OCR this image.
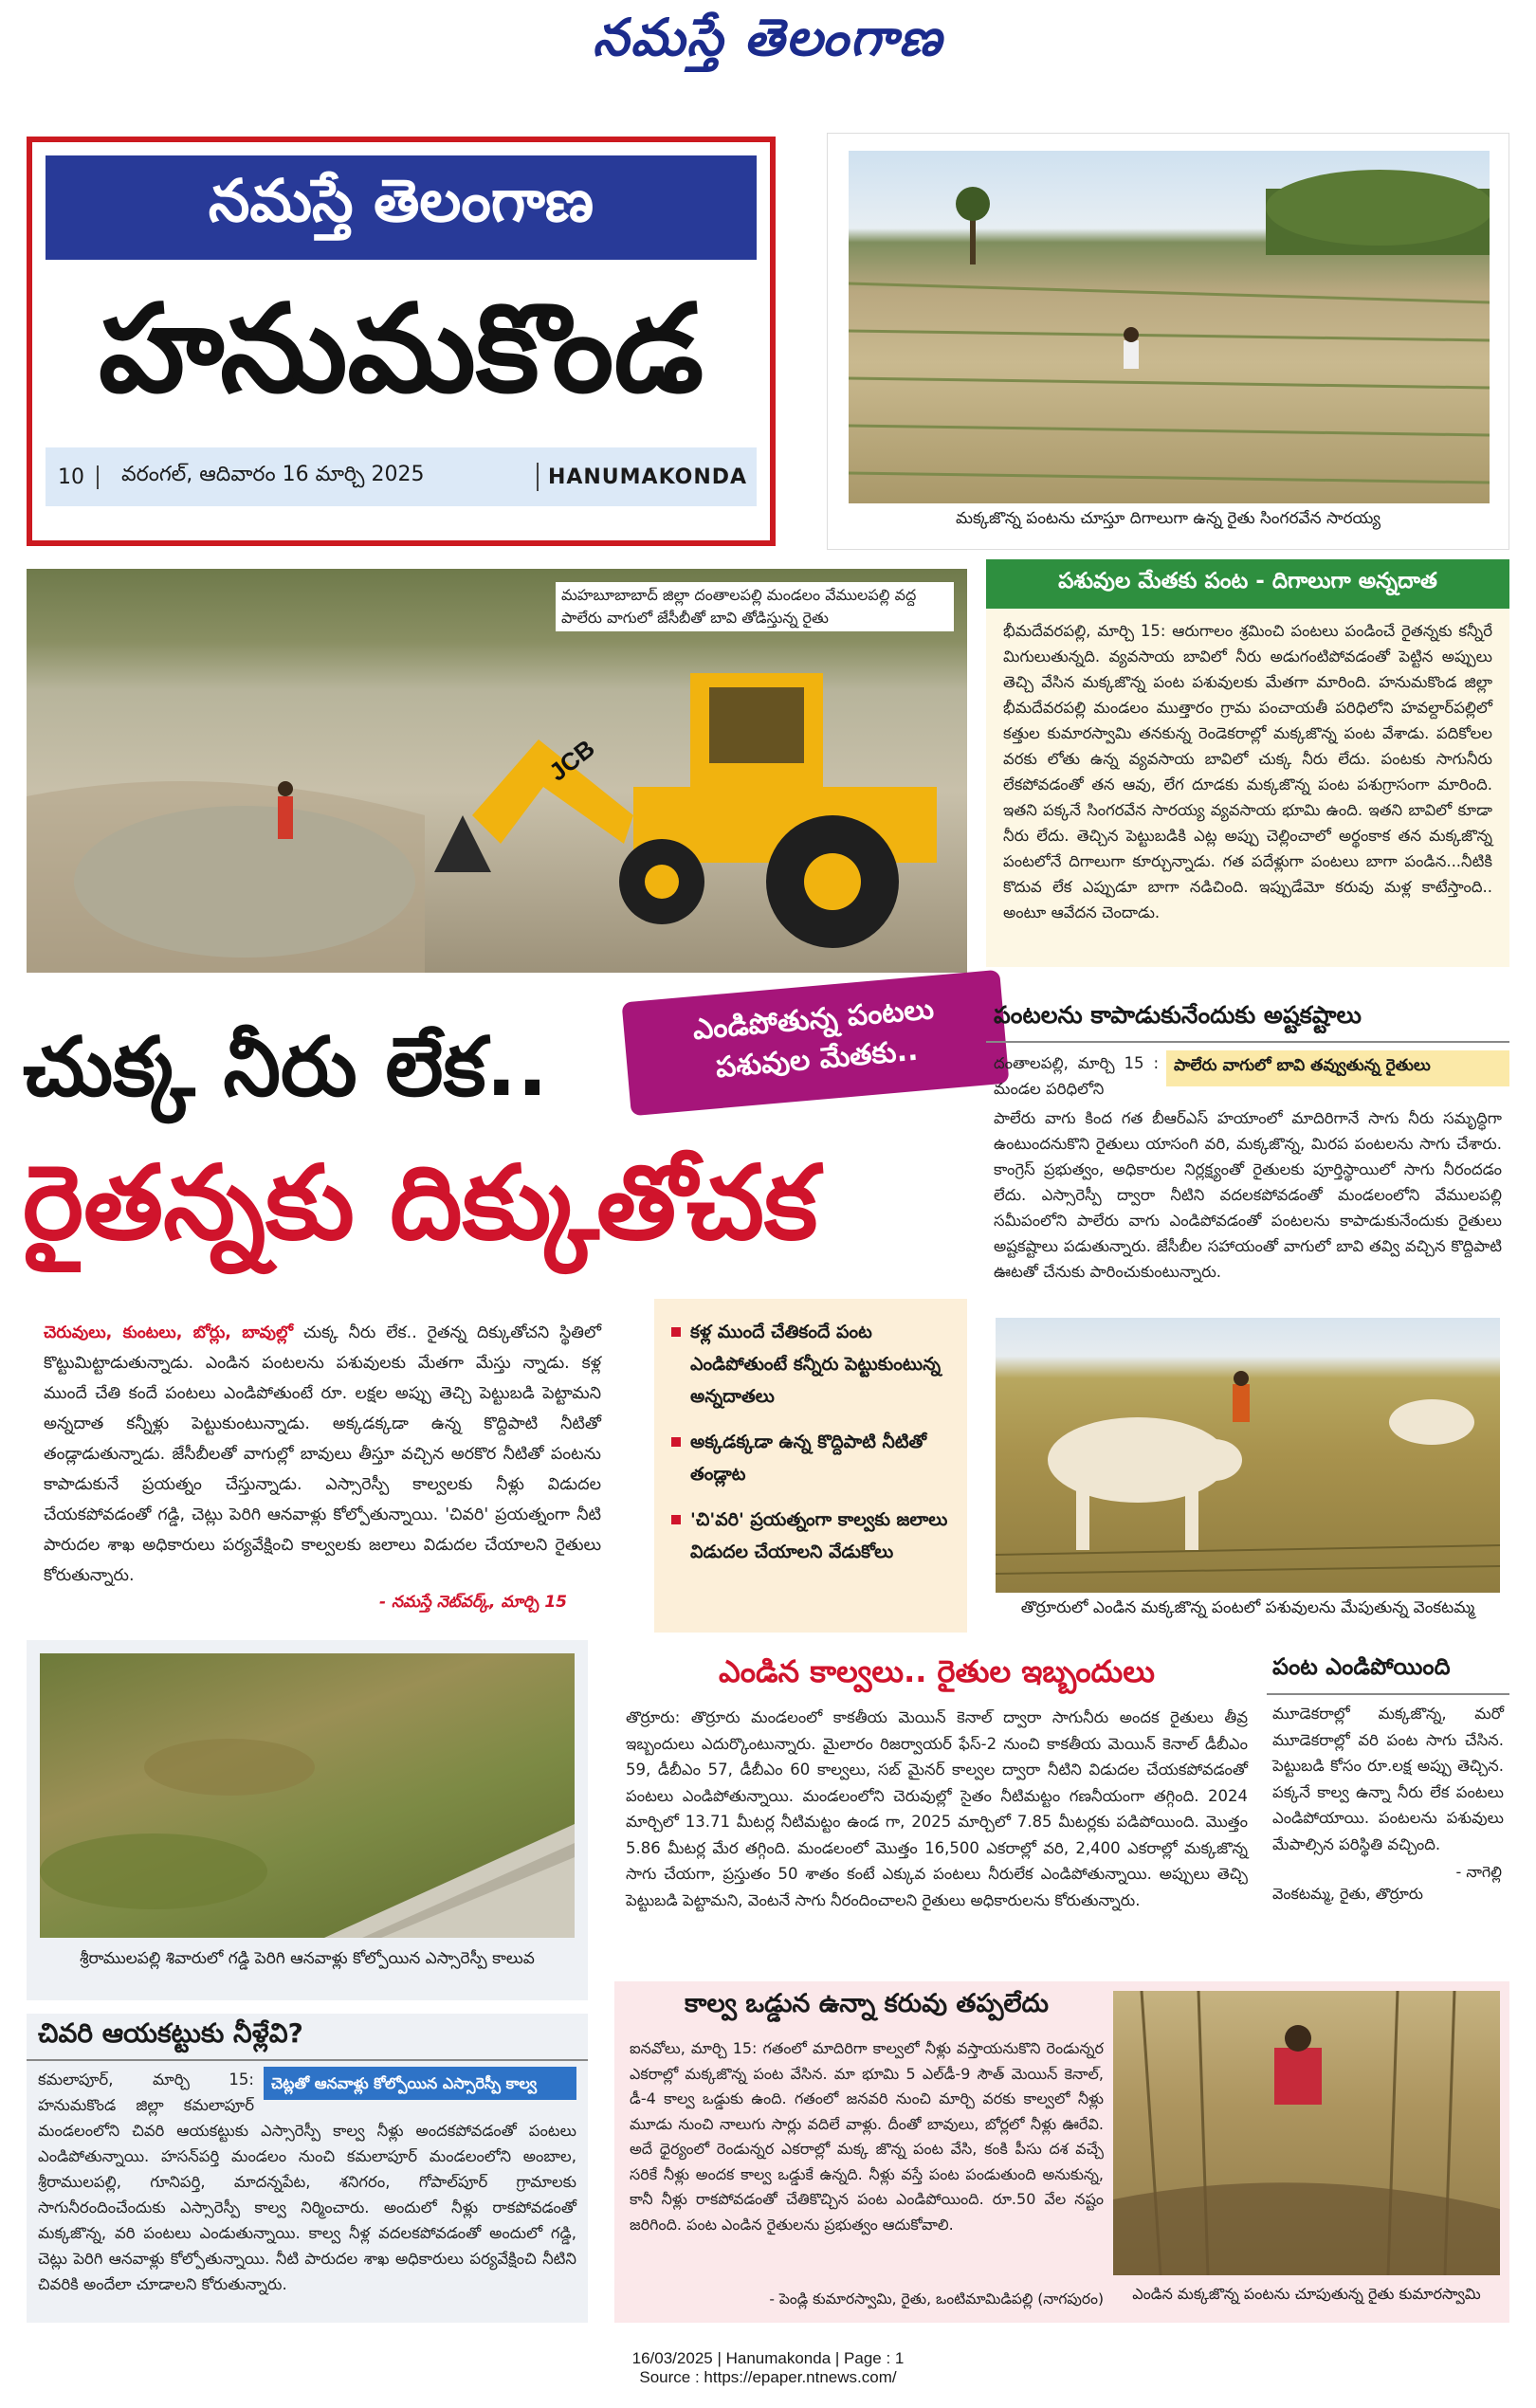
నమస్తే తెలంగాణ
నమస్తే తెలంగాణ
హనుమకొండ
10	వరంగల్, ఆదివారం 16 మార్చి 2025	HANUMAKONDA
మక్కజొన్న పంటను చూస్తూ దిగాలుగా ఉన్న రైతు సింగరవేన సారయ్య
JCB
మహబూబాబాద్ జిల్లా దంతాలపల్లి మండలం వేములపల్లి వద్ద పాలేరు వాగులో జేసీబీతో బావి తోడిస్తున్న రైతు
పశువుల మేతకు పంట - దిగాలుగా అన్నదాత
భీమదేవరపల్లి, మార్చి 15: ఆరుగాలం శ్రమించి పంటలు పండించే రైతన్నకు కన్నీరే మిగులుతున్నది. వ్యవసాయ బావిలో నీరు అడుగంటిపోవడంతో పెట్టిన అప్పులు తెచ్చి వేసిన మక్కజొన్న పంట పశువులకు మేతగా మారింది. హనుమకొండ జిల్లా భీమదేవరపల్లి మండలం ముత్తారం గ్రామ పంచాయతీ పరిధిలోని హవల్దార్‌పల్లిలో కత్తుల కుమారస్వామి తనకున్న రెండెకరాల్లో మక్కజొన్న పంట వేశాడు. పదికోలల వరకు లోతు ఉన్న వ్యవసాయ బావిలో చుక్క నీరు లేదు. పంటకు సాగునీరు లేకపోవడంతో తన ఆవు, లేగ దూడకు మక్కజొన్న పంట పశుగ్రాసంగా మారింది. ఇతని పక్కనే సింగరవేన సారయ్య వ్యవసాయ భూమి ఉంది. ఇతని బావిలో కూడా నీరు లేదు. తెచ్చిన పెట్టుబడికి ఎట్ల అప్పు చెల్లించాలో అర్థంకాక తన మక్కజొన్న పంటలోనే దిగాలుగా కూర్చున్నాడు. గత పదేళ్లుగా పంటలు బాగా పండిన...నీటికి కొదువ లేక ఎప్పుడూ బాగా నడిచింది. ఇప్పుడేమో కరువు మళ్ల కాటేస్తాంది.. అంటూ ఆవేదన చెందాడు.
చుక్క నీరు లేక..
ఎండిపోతున్న పంటలు
పశువుల మేతకు..
రైతన్నకు దిక్కుతోచక
చెరువులు, కుంటలు, బోర్లు, బావుల్లో చుక్క నీరు లేక.. రైతన్న దిక్కుతోచని స్థితిలో కొట్టుమిట్టాడుతున్నాడు. ఎండిన పంటలను పశువులకు మేతగా మేస్తు న్నాడు. కళ్ల ముందే చేతి కందే పంటలు ఎండిపోతుంటే రూ. లక్షల అప్పు తెచ్చి పెట్టుబడి పెట్టామని అన్నదాత కన్నీళ్లు పెట్టుకుంటున్నాడు. అక్కడక్కడా ఉన్న కొద్దిపాటి నీటితో తండ్లాడుతున్నాడు. జేసీబీలతో వాగుల్లో బావులు తీస్తూ వచ్చిన అరకొర నీటితో పంటను కాపాడుకునే ప్రయత్నం చేస్తున్నాడు. ఎస్సారెస్పీ కాల్వలకు నీళ్లు విడుదల చేయకపోవడంతో గడ్డి, చెట్లు పెరిగి ఆనవాళ్లు కోల్పోతున్నాయి. 'చివరి' ప్రయత్నంగా నీటి పారుదల శాఖ అధికారులు పర్యవేక్షించి కాల్వలకు జలాలు విడుదల చేయాలని రైతులు కోరుతున్నారు.
- నమస్తే నెట్‌వర్క్, మార్చి 15
కళ్ల ముందే చేతికందే పంట ఎండిపోతుంటే కన్నీరు పెట్టుకుంటున్న అన్నదాతలు
అక్కడక్కడా ఉన్న కొద్దిపాటి నీటితో తండ్లాట
'చి'వరి' ప్రయత్నంగా కాల్వకు జలాలు విడుదల చేయాలని వేడుకోలు
పంటలను కాపాడుకునేందుకు అష్టకష్టాలు
దంతాలపల్లి, మార్చి 15 : మండల పరిధిలోని
పాలేరు వాగులో బావి తవ్వుతున్న రైతులు
పాలేరు వాగు కింద గత బీఆర్‌ఎస్ హయాంలో మాదిరిగానే సాగు నీరు సమృద్ధిగా ఉంటుందనుకొని రైతులు యాసంగి వరి, మక్కజొన్న, మిరప పంటలను సాగు చేశారు. కాంగ్రెస్ ప్రభుత్వం, అధికారుల నిర్లక్ష్యంతో రైతులకు పూర్తిస్థాయిలో సాగు నీరందడం లేదు. ఎస్సారెస్పీ ద్వారా నీటిని వదలకపోవడంతో మండలంలోని వేములపల్లి సమీపంలోని పాలేరు వాగు ఎండిపోవడంతో పంటలను కాపాడుకునేందుకు రైతులు అష్టకష్టాలు పడుతున్నారు. జేసీబీల సహాయంతో వాగులో బావి తవ్వి వచ్చిన కొద్దిపాటి ఊటతో చేనుకు పారించుకుంటున్నారు.
తొర్రూరులో ఎండిన మక్కజొన్న పంటలో పశువులను మేపుతున్న వెంకటమ్మ
శ్రీరాములపల్లి శివారులో గడ్డి పెరిగి ఆనవాళ్లు కోల్పోయిన ఎస్సారెస్పీ కాలువ
చివరి ఆయకట్టుకు నీళ్లేవి?
చెట్లతో ఆనవాళ్లు కోల్పోయిన ఎస్సారెస్పీ కాల్వ
కమలాపూర్, మార్చి 15: హనుమకొండ జిల్లా కమలాపూర్ మండలంలోని చివరి ఆయకట్టుకు ఎస్సారెస్పీ కాల్వ నీళ్లు అందకపోవడంతో పంటలు ఎండిపోతున్నాయి. హసన్‌పర్తి మండలం నుంచి కమలాపూర్ మండలంలోని అంబాల, శ్రీరాములపల్లి, గూనిపర్తి, మాదన్నపేట, శనిగరం, గోపాల్‌పూర్ గ్రామాలకు సాగునీరందించేందుకు ఎస్సారెస్పీ కాల్వ నిర్మించారు. అందులో నీళ్లు రాకపోవడంతో మక్కజొన్న, వరి పంటలు ఎండుతున్నాయి. కాల్వ నీళ్ల వదలకపోవడంతో అందులో గడ్డి, చెట్లు పెరిగి ఆనవాళ్లు కోల్పోతున్నాయి. నీటి పారుదల శాఖ అధికారులు పర్యవేక్షించి నీటిని చివరికి అందేలా చూడాలని కోరుతున్నారు.
ఎండిన కాల్వలు.. రైతుల ఇబ్బందులు
తొర్రూరు: తొర్రూరు మండలంలో కాకతీయ మెయిన్ కెనాల్ ద్వారా సాగునీరు అందక రైతులు తీవ్ర ఇబ్బందులు ఎదుర్కొంటున్నారు. మైలారం రిజర్వాయర్ ఫేస్-2 నుంచి కాకతీయ మెయిన్ కెనాల్ డీబీఎం 59, డీబీఎం 57, డీబీఎం 60 కాల్వలు, సబ్ మైనర్ కాల్వల ద్వారా నీటిని విడుదల చేయకపోవడంతో పంటలు ఎండిపోతున్నాయి. మండలంలోని చెరువుల్లో సైతం నీటిమట్టం గణనీయంగా తగ్గింది. 2024 మార్చిలో 13.71 మీటర్ల నీటిమట్టం ఉండ గా, 2025 మార్చిలో 7.85 మీటర్లకు పడిపోయింది. మొత్తం 5.86 మీటర్ల మేర తగ్గింది. మండలంలో మొత్తం 16,500 ఎకరాల్లో వరి, 2,400 ఎకరాల్లో మక్కజొన్న సాగు చేయగా, ప్రస్తుతం 50 శాతం కంటే ఎక్కువ పంటలు నీరులేక ఎండిపోతున్నాయి. అప్పులు తెచ్చి పెట్టుబడి పెట్టామని, వెంటనే సాగు నీరందించాలని రైతులు అధికారులను కోరుతున్నారు.
పంట ఎండిపోయింది
మూడెకరాల్లో మక్కజొన్న, మరో మూడెకరాల్లో వరి పంట సాగు చేసిన. పెట్టుబడి కోసం రూ.లక్ష అప్పు తెచ్చిన. పక్కనే కాల్వ ఉన్నా నీరు లేక పంటలు ఎండిపోయాయి. పంటలను పశువులు మేపాల్సిన పరిస్థితి వచ్చింది.
- నాగెల్లి
వెంకటమ్మ, రైతు, తొర్రూరు
కాల్వ ఒడ్డున ఉన్నా కరువు తప్పలేదు
ఐనవోలు, మార్చి 15: గతంలో మాదిరిగా కాల్వలో నీళ్లు వస్తాయనుకొని రెండున్నర ఎకరాల్లో మక్కజొన్న పంట వేసిన. మా భూమి 5 ఎల్‌డీ-9 సౌత్ మెయిన్ కెనాల్, డీ-4 కాల్వ ఒడ్డుకు ఉంది. గతంలో జనవరి నుంచి మార్చి వరకు కాల్వలో నీళ్లు మూడు నుంచి నాలుగు సార్లు వదిలే వాళ్లు. దీంతో బావులు, బోర్లలో నీళ్లు ఊరేవి. అదే ధైర్యంలో రెండున్నర ఎకరాల్లో మక్క జొన్న పంట వేసి, కంకి పీసు దశ వచ్చే సరికే నీళ్లు అందక కాల్వ ఒడ్డుకే ఉన్నది. నీళ్లు వస్తే పంట పండుతుంది అనుకున్న, కానీ నీళ్లు రాకపోవడంతో చేతికొచ్చిన పంట ఎండిపోయింది. రూ.50 వేల నష్టం జరిగింది. పంట ఎండిన రైతులను ప్రభుత్వం ఆదుకోవాలి.
- పెండ్లి కుమారస్వామి, రైతు, ఒంటిమామిడిపల్లి (నాగపురం)	ఎండిన మక్కజొన్న పంటను చూపుతున్న రైతు కుమారస్వామి
16/03/2025 | Hanumakonda | Page : 1
Source : https://epaper.ntnews.com/
